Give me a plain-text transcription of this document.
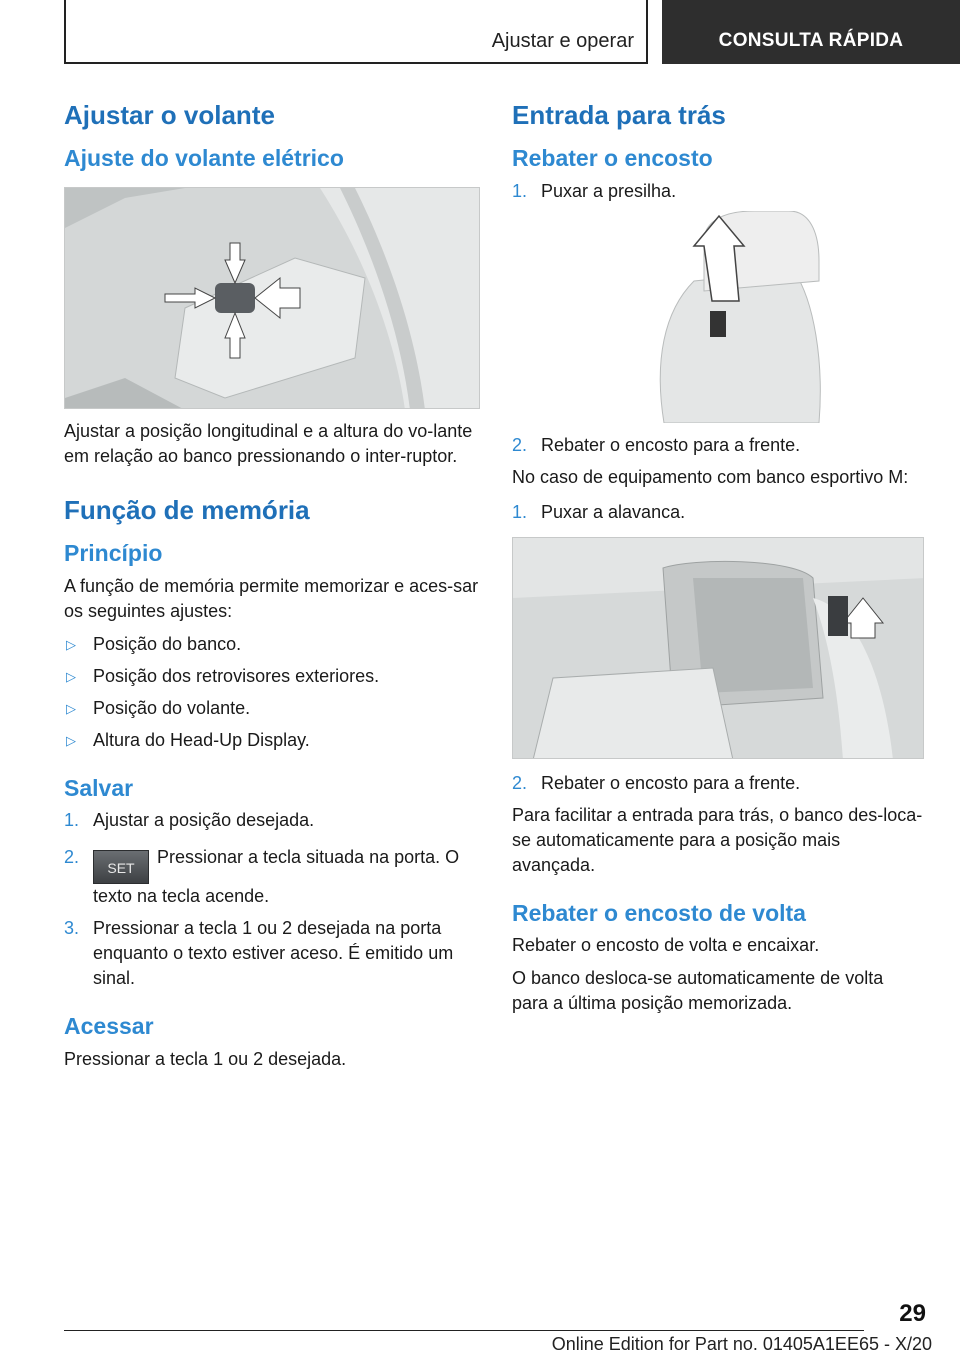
Ajustar e operar	CONSULTA RÁPIDA
Ajustar o volante
Ajuste do volante elétrico

Ajustar a posição longitudinal e a altura do vo-lante em relação ao banco pressionando o inter-ruptor.

Função de memória
Princípio

A função de memória permite memorizar e aces-sar os seguintes ajustes:

▷ Posição do banco.
▷ Posição dos retrovisores exteriores.
▷ Posição do volante.
▷ Altura do Head-Up Display.
Salvar
1. Ajustar a posição desejada.
2.
SETPressionar a tecla situada na porta. O texto na tecla acende.
3. Pressionar a tecla 1 ou 2 desejada na porta enquanto o texto estiver aceso. É emitido um sinal.
Acessar

Pressionar a tecla 1 ou 2 desejada.

Entrada para trás
Rebater o encosto
1. Puxar a presilha.
2. Rebater o encosto para a frente.

No caso de equipamento com banco esportivo M:

1. Puxar a alavanca.
2. Rebater o encosto para a frente.

Para facilitar a entrada para trás, o banco des-loca-se automaticamente para a posição mais avançada.

Rebater o encosto de volta

Rebater o encosto de volta e encaixar.

O banco desloca-se automaticamente de volta para a última posição memorizada.

29
Online Edition for Part no. 01405A1EE65 - X/20
